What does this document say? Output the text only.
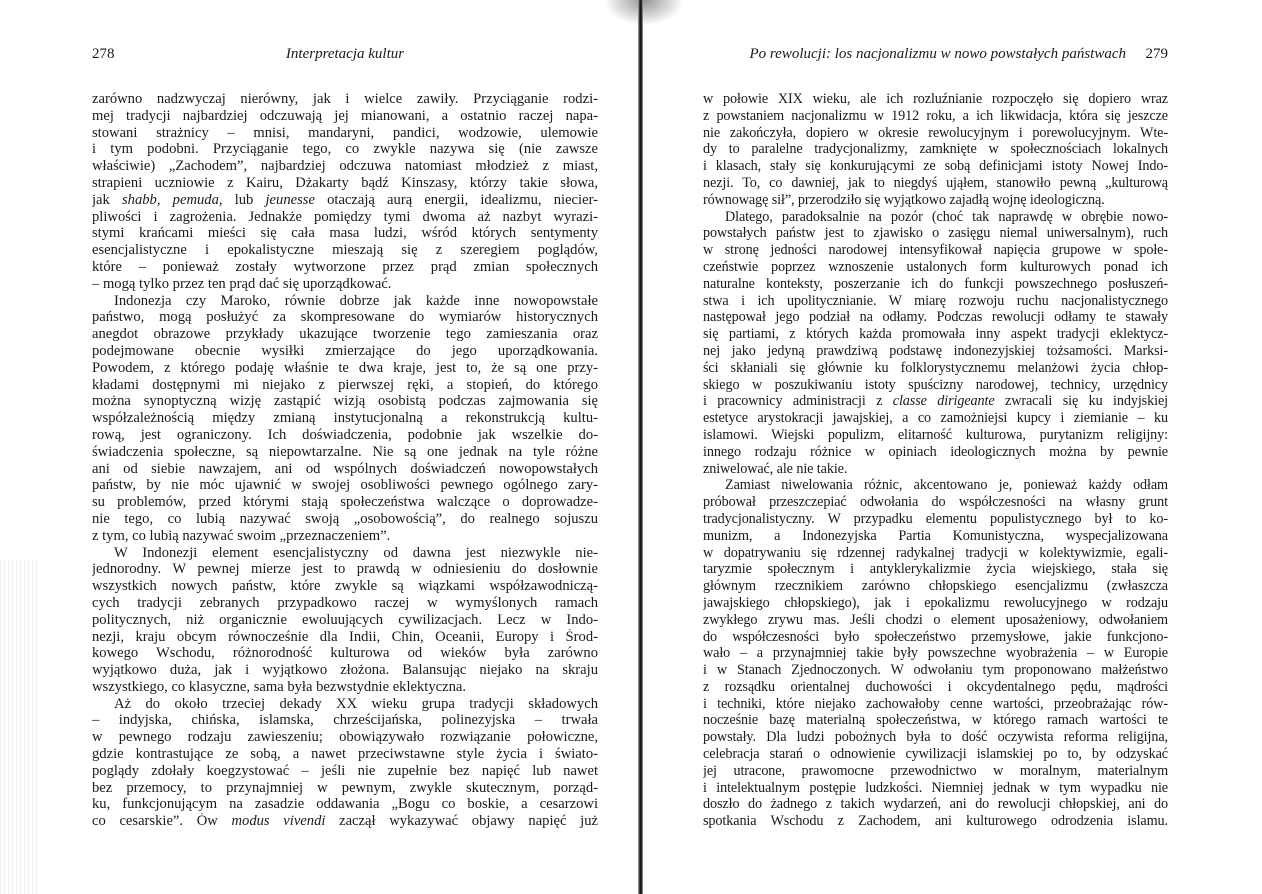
278	Interpretacja kultur
zarówno nadzwyczaj nierówny, jak i wielce zawiły. Przyciąganie rodzi-
mej tradycji najbardziej odczuwają jej mianowani, a ostatnio raczej napa-
stowani strażnicy – mnisi, mandaryni, pandici, wodzowie, ulemowie
i tym podobni. Przyciąganie tego, co zwykle nazywa się (nie zawsze
właściwie) „Zachodem”, najbardziej odczuwa natomiast młodzież z miast,
strapieni uczniowie z Kairu, Dżakarty bądź Kinszasy, którzy takie słowa,
jak shabb, pemuda, lub jeunesse otaczają aurą energii, idealizmu, niecier-
pliwości i zagrożenia. Jednakże pomiędzy tymi dwoma aż nazbyt wyrazi-
stymi krańcami mieści się cała masa ludzi, wśród których sentymenty
esencjalistyczne i epokalistyczne mieszają się z szeregiem poglądów,
które – ponieważ zostały wytworzone przez prąd zmian społecznych
– mogą tylko przez ten prąd dać się uporządkować.
Indonezja czy Maroko, równie dobrze jak każde inne nowopowstałe
państwo, mogą posłużyć za skompresowane do wymiarów historycznych
anegdot obrazowe przykłady ukazujące tworzenie tego zamieszania oraz
podejmowane obecnie wysiłki zmierzające do jego uporządkowania.
Powodem, z którego podaję właśnie te dwa kraje, jest to, że są one przy-
kładami dostępnymi mi niejako z pierwszej ręki, a stopień, do którego
można synoptyczną wizję zastąpić wizją osobistą podczas zajmowania się
współzależnością między zmianą instytucjonalną a rekonstrukcją kultu-
rową, jest ograniczony. Ich doświadczenia, podobnie jak wszelkie do-
świadczenia społeczne, są niepowtarzalne. Nie są one jednak na tyle różne
ani od siebie nawzajem, ani od wspólnych doświadczeń nowopowstałych
państw, by nie móc ujawnić w swojej osobliwości pewnego ogólnego zary-
su problemów, przed którymi stają społeczeństwa walczące o doprowadze-
nie tego, co lubią nazywać swoją „osobowością”, do realnego sojuszu
z tym, co lubią nazywać swoim „przeznaczeniem”.
W Indonezji element esencjalistyczny od dawna jest niezwykle nie-
jednorodny. W pewnej mierze jest to prawdą w odniesieniu do dosłownie
wszystkich nowych państw, które zwykle są wiązkami współzawodniczą-
cych tradycji zebranych przypadkowo raczej w wymyślonych ramach
politycznych, niż organicznie ewoluujących cywilizacjach. Lecz w Indo-
nezji, kraju obcym równocześnie dla Indii, Chin, Oceanii, Europy i Środ-
kowego Wschodu, różnorodność kulturowa od wieków była zarówno
wyjątkowo duża, jak i wyjątkowo złożona. Balansując niejako na skraju
wszystkiego, co klasyczne, sama była bezwstydnie eklektyczna.
Aż do około trzeciej dekady XX wieku grupa tradycji składowych
– indyjska, chińska, islamska, chrześcijańska, polinezyjska – trwała
w pewnego rodzaju zawieszeniu; obowiązywało rozwiązanie połowiczne,
gdzie kontrastujące ze sobą, a nawet przeciwstawne style życia i świato-
poglądy zdołały koegzystować – jeśli nie zupełnie bez napięć lub nawet
bez przemocy, to przynajmniej w pewnym, zwykle skutecznym, porząd-
ku, funkcjonującym na zasadzie oddawania „Bogu co boskie, a cesarzowi
co cesarskie”. Ów modus vivendi zaczął wykazywać objawy napięć już
Po rewolucji: los nacjonalizmu w nowo powstałych państwach 279
w połowie XIX wieku, ale ich rozluźnianie rozpoczęło się dopiero wraz
z powstaniem nacjonalizmu w 1912 roku, a ich likwidacja, która się jeszcze
nie zakończyła, dopiero w okresie rewolucyjnym i porewolucyjnym. Wte-
dy to paralelne tradycjonalizmy, zamknięte w społecznościach lokalnych
i klasach, stały się konkurującymi ze sobą definicjami istoty Nowej Indo-
nezji. To, co dawniej, jak to niegdyś ująłem, stanowiło pewną „kulturową
równowagę sił”, przerodziło się wyjątkowo zajadłą wojnę ideologiczną.
Dlatego, paradoksalnie na pozór (choć tak naprawdę w obrębie nowo-
powstałych państw jest to zjawisko o zasięgu niemal uniwersalnym), ruch
w stronę jedności narodowej intensyfikował napięcia grupowe w społe-
czeństwie poprzez wznoszenie ustalonych form kulturowych ponad ich
naturalne konteksty, poszerzanie ich do funkcji powszechnego posłuszeń-
stwa i ich upolitycznianie. W miarę rozwoju ruchu nacjonalistycznego
następował jego podział na odłamy. Podczas rewolucji odłamy te stawały
się partiami, z których każda promowała inny aspekt tradycji eklektycz-
nej jako jedyną prawdziwą podstawę indonezyjskiej tożsamości. Marksi-
ści skłaniali się głównie ku folklorystycznemu melanżowi życia chłop-
skiego w poszukiwaniu istoty spuścizny narodowej, technicy, urzędnicy
i pracownicy administracji z classe dirigeante zwracali się ku indyjskiej
estetyce arystokracji jawajskiej, a co zamożniejsi kupcy i ziemianie – ku
islamowi. Wiejski populizm, elitarność kulturowa, purytanizm religijny:
innego rodzaju różnice w opiniach ideologicznych można by pewnie
zniwelować, ale nie takie.
Zamiast niwelowania różnic, akcentowano je, ponieważ każdy odłam
próbował przeszczepiać odwołania do współczesności na własny grunt
tradycjonalistyczny. W przypadku elementu populistycznego był to ko-
munizm, a Indonezyjska Partia Komunistyczna, wyspecjalizowana
w dopatrywaniu się rdzennej radykalnej tradycji w kolektywizmie, egali-
taryzmie społecznym i antyklerykalizmie życia wiejskiego, stała się
głównym rzecznikiem zarówno chłopskiego esencjalizmu (zwłaszcza
jawajskiego chłopskiego), jak i epokalizmu rewolucyjnego w rodzaju
zwykłego zrywu mas. Jeśli chodzi o element uposażeniowy, odwołaniem
do współczesności było społeczeństwo przemysłowe, jakie funkcjono-
wało – a przynajmniej takie były powszechne wyobrażenia – w Europie
i w Stanach Zjednoczonych. W odwołaniu tym proponowano małżeństwo
z rozsądku orientalnej duchowości i okcydentalnego pędu, mądrości
i techniki, które niejako zachowałoby cenne wartości, przeobrażając rów-
nocześnie bazę materialną społeczeństwa, w którego ramach wartości te
powstały. Dla ludzi pobożnych była to dość oczywista reforma religijna,
celebracja starań o odnowienie cywilizacji islamskiej po to, by odzyskać
jej utracone, prawomocne przewodnictwo w moralnym, materialnym
i intelektualnym postępie ludzkości. Niemniej jednak w tym wypadku nie
doszło do żadnego z takich wydarzeń, ani do rewolucji chłopskiej, ani do
spotkania Wschodu z Zachodem, ani kulturowego odrodzenia islamu.
